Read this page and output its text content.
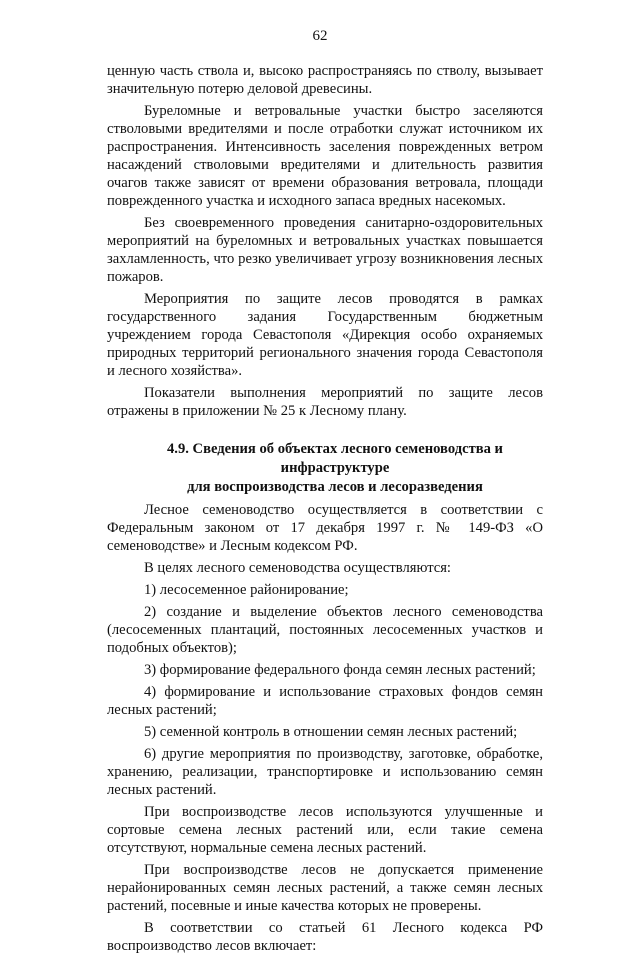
62

ценную часть ствола и, высоко распространяясь по стволу, вызывает значительную потерю деловой древесины.

Буреломные и ветровальные участки быстро заселяются стволовыми вредителями и после отработки служат источником их распространения. Интенсивность заселения поврежденных ветром насаждений стволовыми вредителями и длительность развития очагов также зависят от времени образования ветровала, площади поврежденного участка и исходного запаса вредных насекомых.

Без своевременного проведения санитарно-оздоровительных мероприятий на буреломных и ветровальных участках повышается захламленность, что резко увеличивает угрозу возникновения лесных пожаров.

Мероприятия по защите лесов проводятся в рамках государственного задания Государственным бюджетным учреждением города Севастополя «Дирекция особо охраняемых природных территорий регионального значения города Севастополя и лесного хозяйства».

Показатели выполнения мероприятий по защите лесов отражены в приложении № 25 к Лесному плану.

4.9. Сведения об объектах лесного семеноводства и инфраструктуре
для воспроизводства лесов и лесоразведения

Лесное семеноводство осуществляется в соответствии с Федеральным законом от 17 декабря 1997 г. № 149-ФЗ «О семеноводстве» и Лесным кодексом РФ.

В целях лесного семеноводства осуществляются:

1) лесосеменное районирование;

2) создание и выделение объектов лесного семеноводства (лесосеменных плантаций, постоянных лесосеменных участков и подобных объектов);

3) формирование федерального фонда семян лесных растений;

4) формирование и использование страховых фондов семян лесных растений;

5) семенной контроль в отношении семян лесных растений;

6) другие мероприятия по производству, заготовке, обработке, хранению, реализации, транспортировке и использованию семян лесных растений.

При воспроизводстве лесов используются улучшенные и сортовые семена лесных растений или, если такие семена отсутствуют, нормальные семена лесных растений.

При воспроизводстве лесов не допускается применение нерайонированных семян лесных растений, а также семян лесных растений, посевные и иные качества которых не проверены.

В соответствии со статьей 61 Лесного кодекса РФ воспроизводство лесов включает:
